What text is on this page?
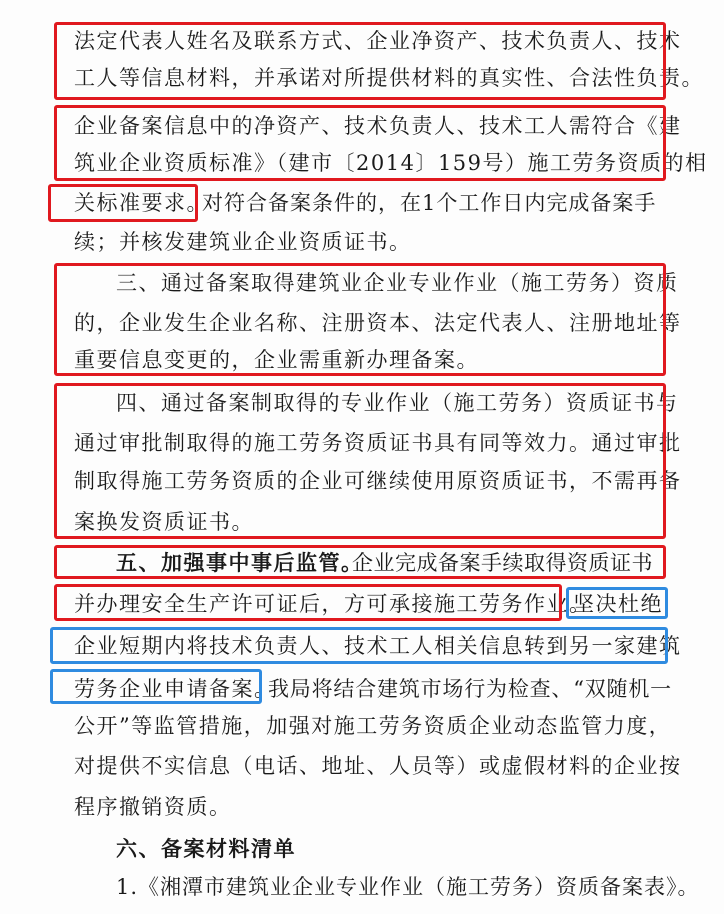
法定代表人姓名及联系方式、企业净资产、技术负责人、技术
工人等信息材料，并承诺对所提供材料的真实性、合法性负责。
企业备案信息中的净资产、技术负责人、技术工人需符合《建
筑业企业资质标准》（建市〔2014〕159号）施工劳务资质的相
关标准要求。
对符合备案条件的，在1个工作日内完成备案手
续；并核发建筑业企业资质证书。
三、通过备案取得建筑业企业专业作业（施工劳务）资质
的，企业发生企业名称、注册资本、法定代表人、注册地址等
重要信息变更的，企业需重新办理备案。
四、通过备案制取得的专业作业（施工劳务）资质证书与
通过审批制取得的施工劳务资质证书具有同等效力。通过审批
制取得施工劳务资质的企业可继续使用原资质证书，不需再备
案换发资质证书。
五、加强事中事后监管。
企业完成备案手续取得资质证书
并办理安全生产许可证后，方可承接施工劳务作业。
坚决杜绝
企业短期内将技术负责人、技术工人相关信息转到另一家建筑
劳务企业申请备案。
我局将结合建筑市场行为检查、“双随机一
公开”等监管措施，加强对施工劳务资质企业动态监管力度，
对提供不实信息（电话、地址、人员等）或虚假材料的企业按
程序撤销资质。
六、备案材料清单
1.《湘潭市建筑业企业专业作业（施工劳务）资质备案表》。
